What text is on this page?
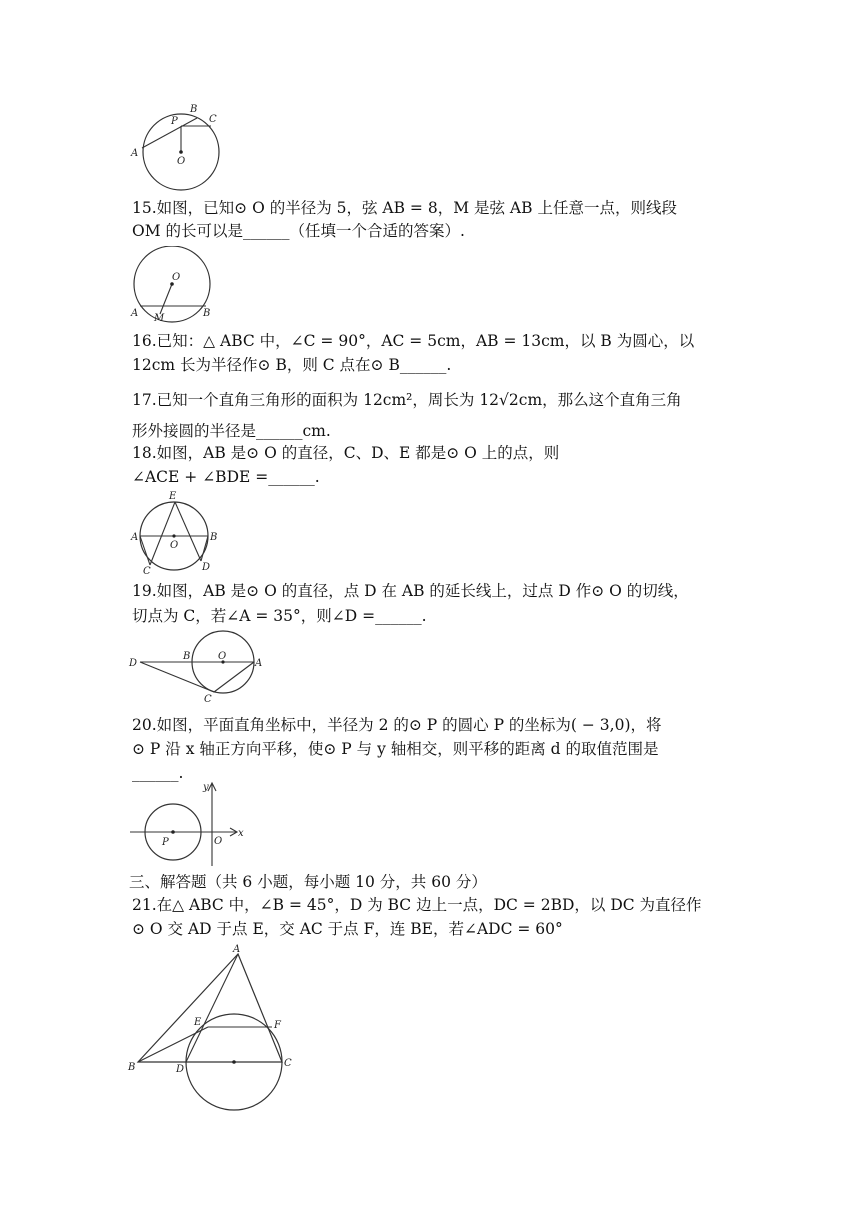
B
P	C
A
O
15.如图，已知⊙ O 的半径为 5，弦 AB = 8，M 是弦 AB 上任意一点，则线段
OM 的长可以是______（任填一个合适的答案）.
O
A M	B
16.已知：△ ABC 中，∠C = 90°，AC = 5cm，AB = 13cm，以 B 为圆心，以
12cm 长为半径作⊙ B，则 C 点在⊙ B______.
17.已知一个直角三角形的面积为 12cm²，周长为 12√2cm，那么这个直角三角
形外接圆的半径是______cm.
18.如图，AB 是⊙ O 的直径，C、D、E 都是⊙ O 上的点，则
∠ACE + ∠BDE =______.
E
A
O
B
C	D
19.如图，AB 是⊙ O 的直径，点 D 在 AB 的延长线上，过点 D 作⊙ O 的切线，
切点为 C，若∠A = 35°，则∠D =______.
D
B	O
A
C
20.如图，平面直角坐标中，半径为 2 的⊙ P 的圆心 P 的坐标为( − 3,0)，将
⊙ P 沿 x 轴正方向平移，使⊙ P 与 y 轴相交，则平移的距离 d 的取值范围是
______.
y
x
P	O
三、解答题（共 6 小题，每小题 10 分，共 60 分）
21.在△ ABC 中，∠B = 45°，D 为 BC 边上一点，DC = 2BD，以 DC 为直径作
⊙ O 交 AD 于点 E，交 AC 于点 F，连 BE，若∠ADC = 60°
A
E	F
B	D
C
